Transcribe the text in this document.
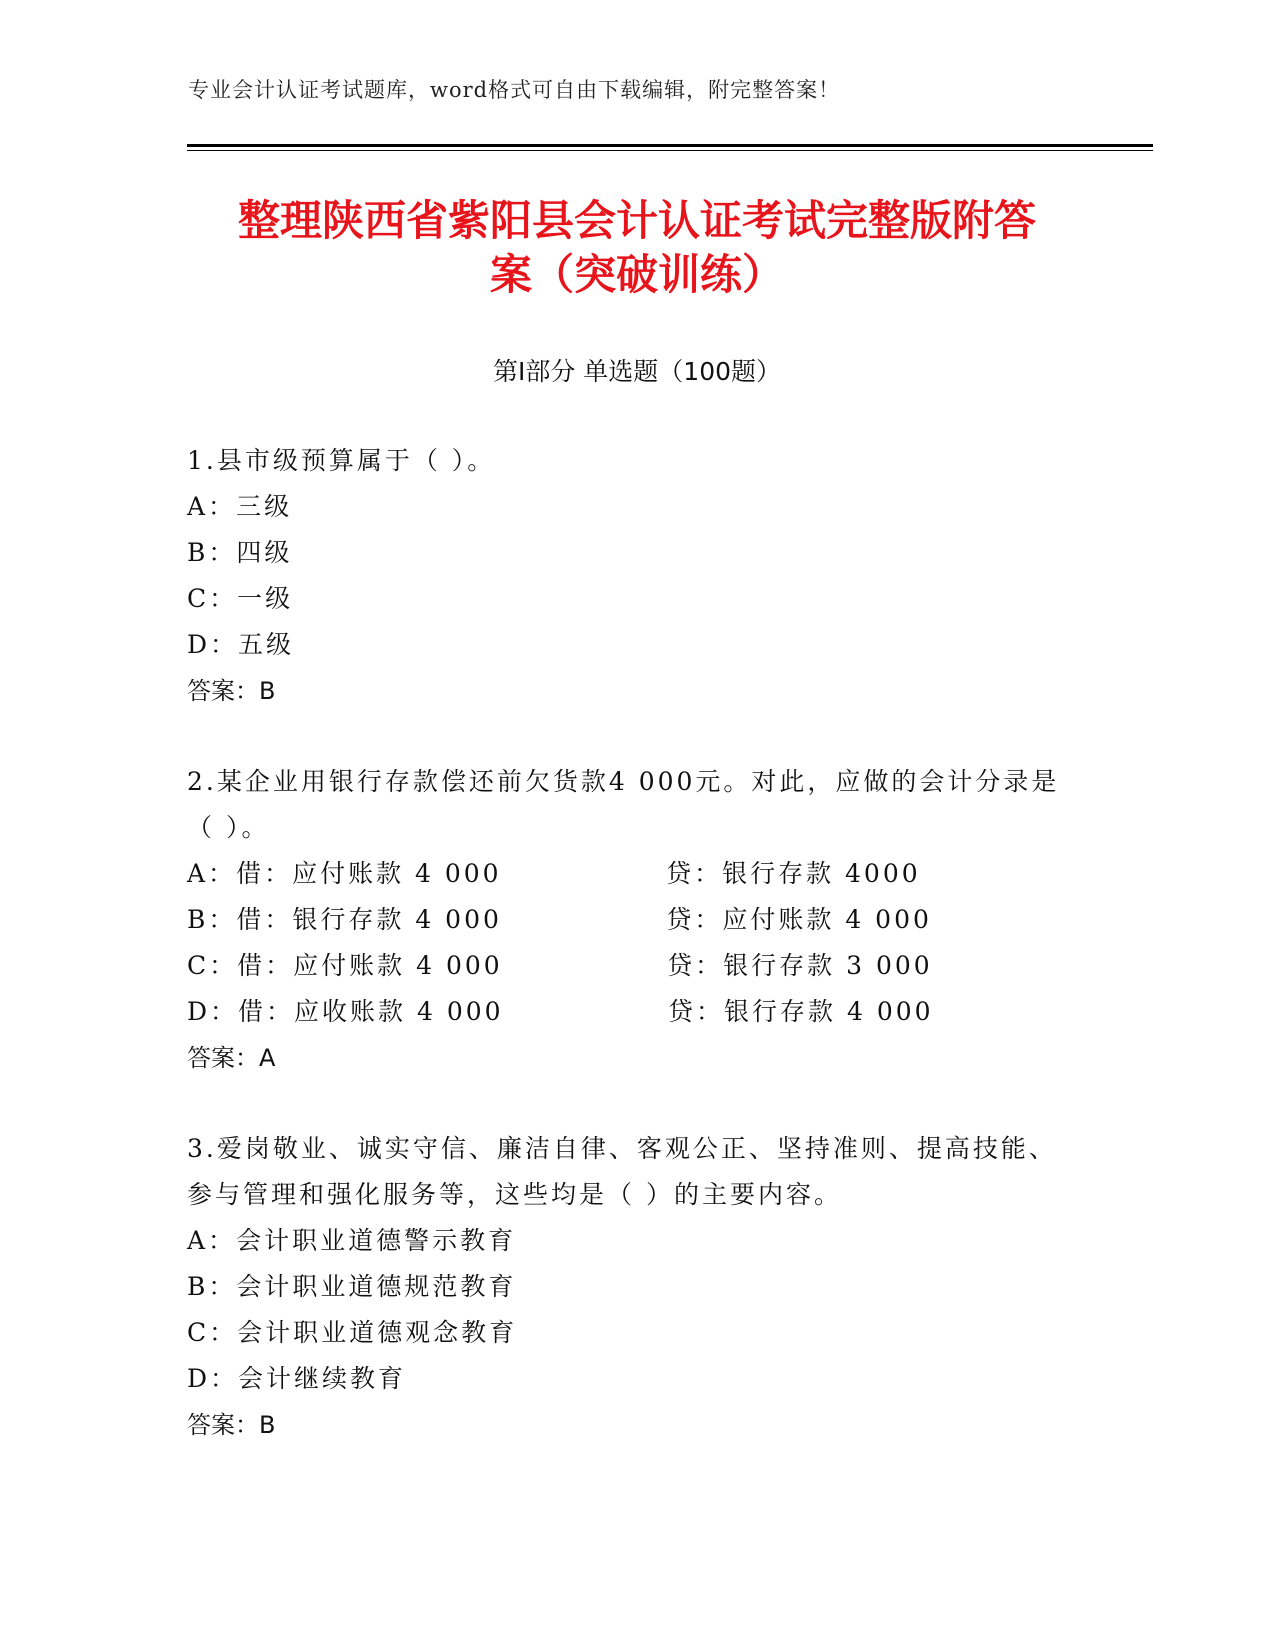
专业会计认证考试题库，word格式可自由下载编辑，附完整答案！
整理陕西省紫阳县会计认证考试完整版附答
案（突破训练）
第Ⅰ部分 单选题（100题）
1.县市级预算属于（ ）。
A：三级
B：四级
C：一级
D：五级
答案：B
2.某企业用银行存款偿还前欠货款4 000元。对此，应做的会计分录是（ ）。
A：借：应付账款 4 000	贷：银行存款 4000
B：借：银行存款 4 000	贷：应付账款 4 000
C：借：应付账款 4 000	贷：银行存款 3 000
D：借：应收账款 4 000	贷：银行存款 4 000
答案：A
3.爱岗敬业、诚实守信、廉洁自律、客观公正、坚持准则、提高技能、参与管理和强化服务等，这些均是（ ）的主要内容。
A：会计职业道德警示教育
B：会计职业道德规范教育
C：会计职业道德观念教育
D：会计继续教育
答案：B
